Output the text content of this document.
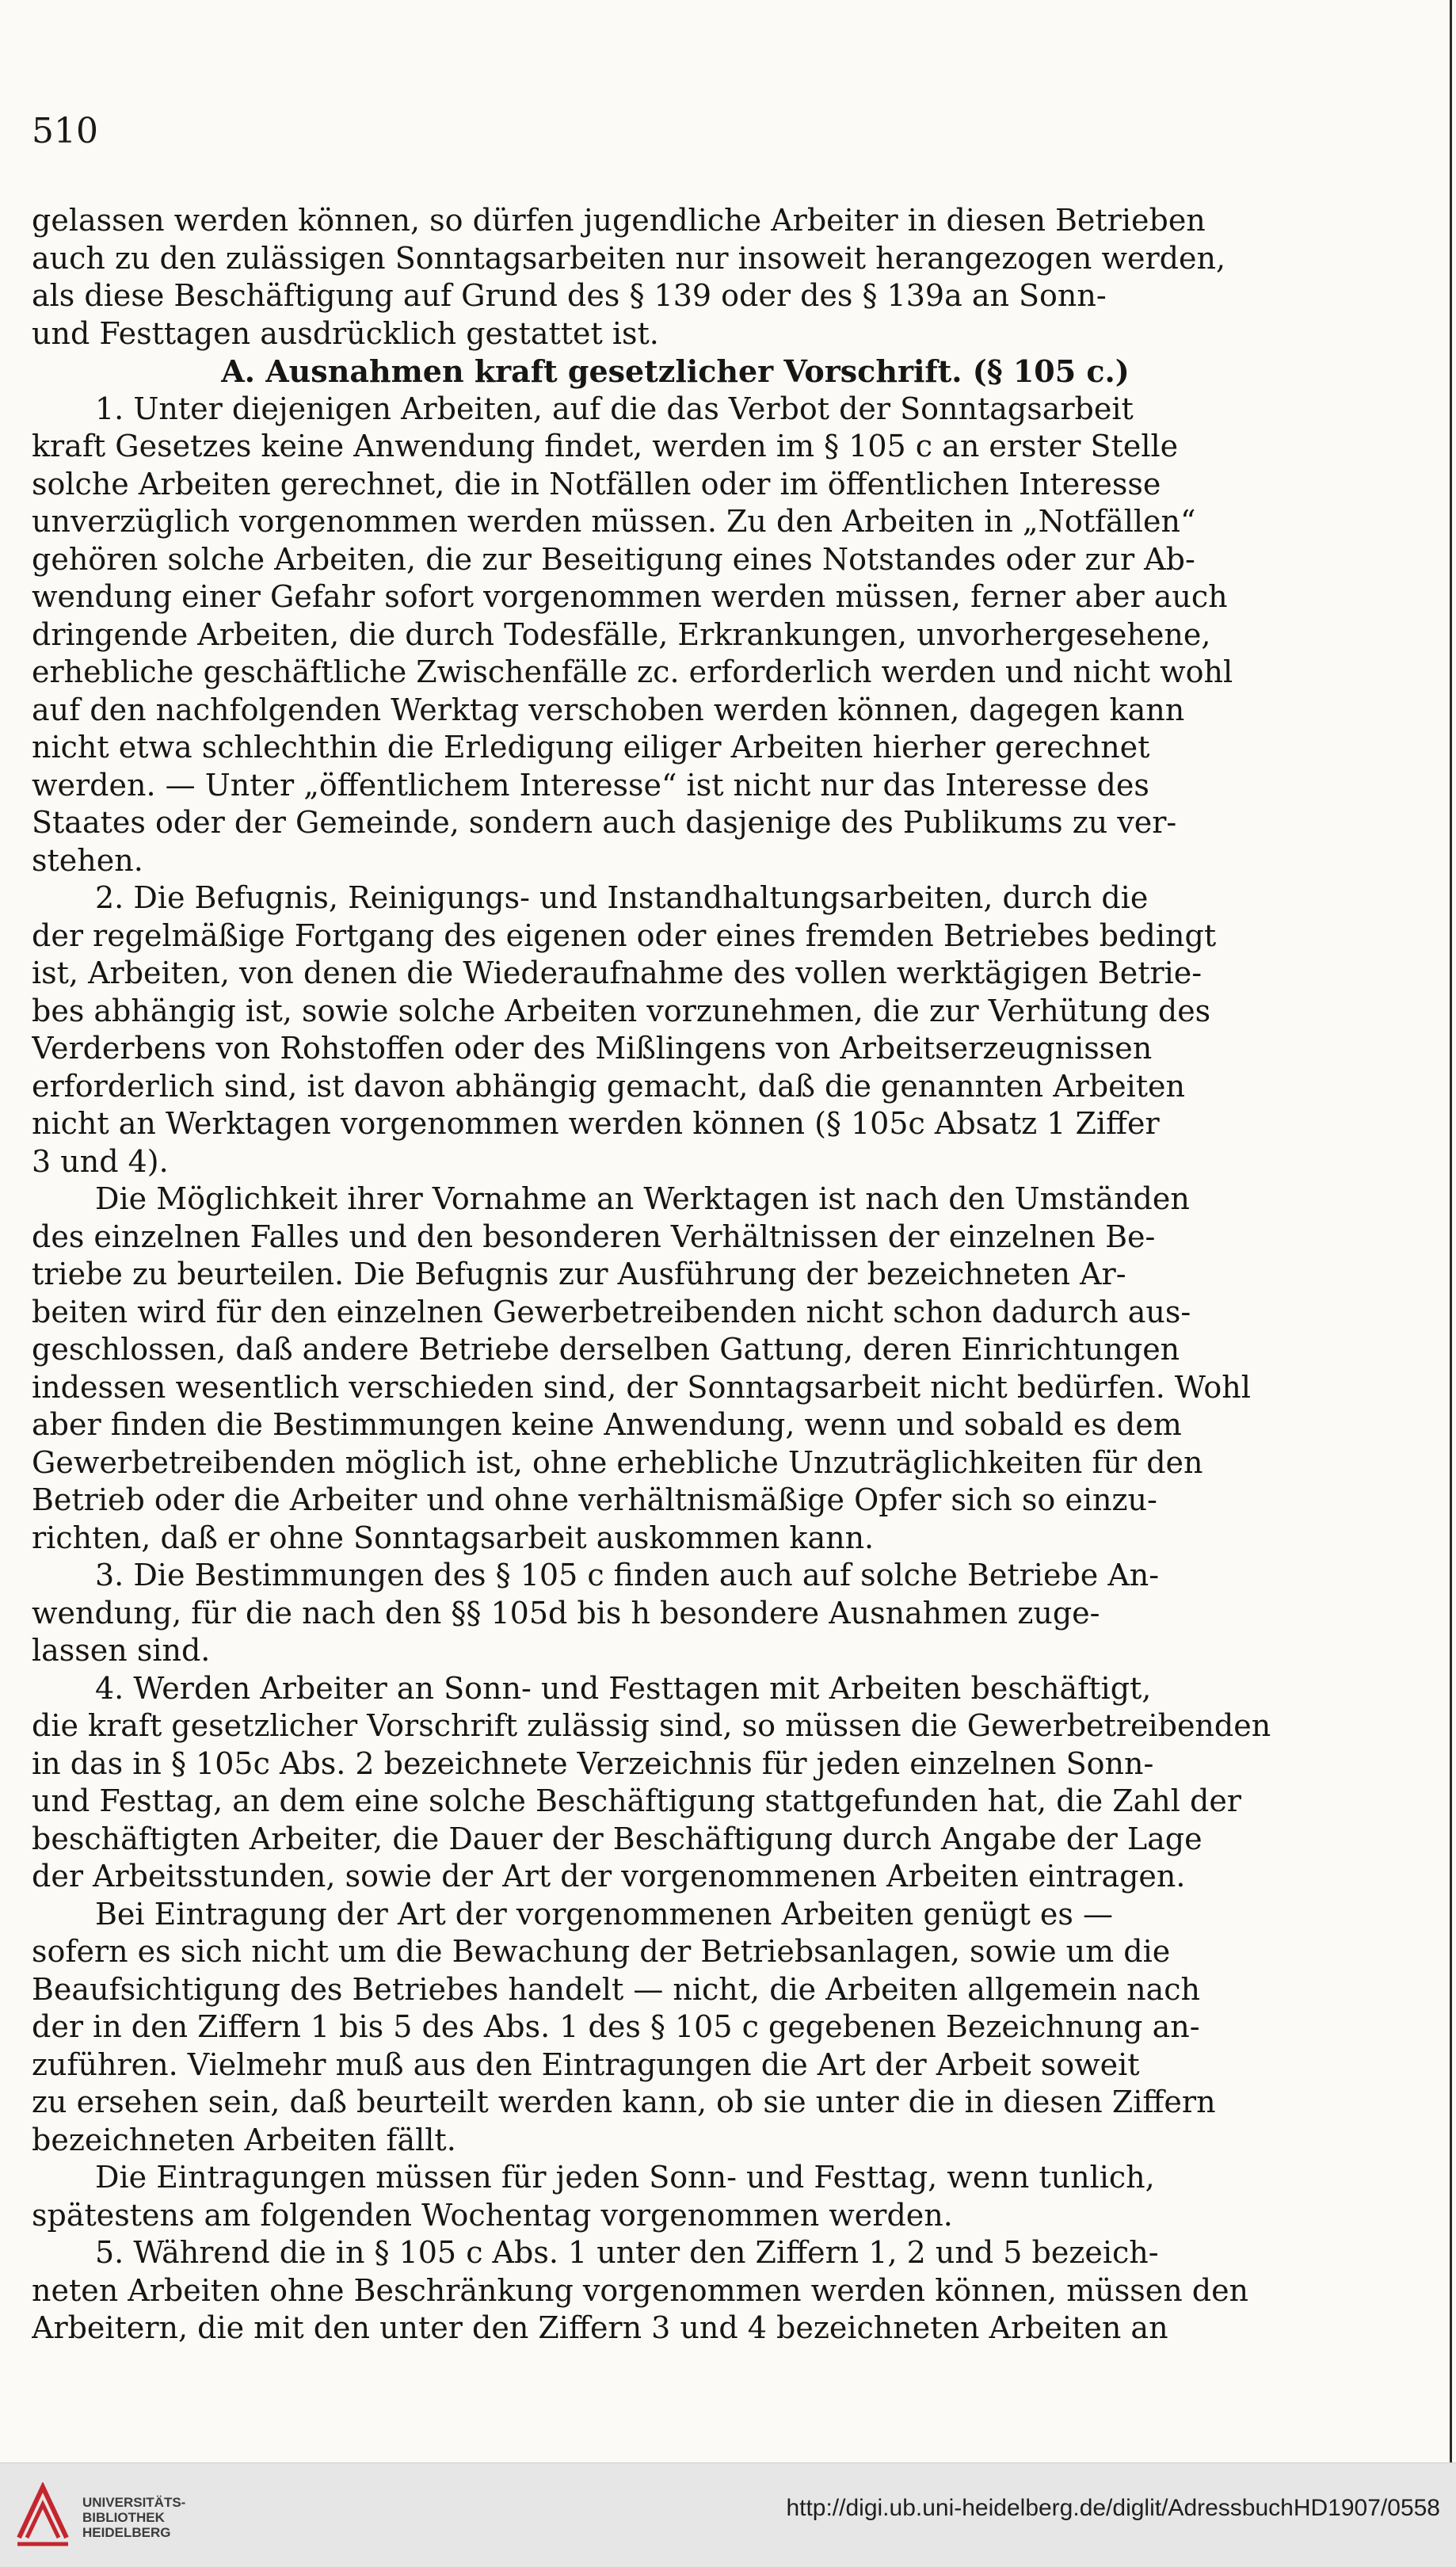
510
gelassen werden können, so dürfen jugendliche Arbeiter in diesen Betrieben
auch zu den zulässigen Sonntagsarbeiten nur insoweit herangezogen werden,
als diese Beschäftigung auf Grund des § 139 oder des § 139a an Sonn-
und Festtagen ausdrücklich gestattet ist.
A. Ausnahmen kraft gesetzlicher Vorschrift. (§ 105 c.)
1. Unter diejenigen Arbeiten, auf die das Verbot der Sonntagsarbeit
kraft Gesetzes keine Anwendung findet, werden im § 105 c an erster Stelle
solche Arbeiten gerechnet, die in Notfällen oder im öffentlichen Interesse
unverzüglich vorgenommen werden müssen. Zu den Arbeiten in „Notfällen“
gehören solche Arbeiten, die zur Beseitigung eines Notstandes oder zur Ab-
wendung einer Gefahr sofort vorgenommen werden müssen, ferner aber auch
dringende Arbeiten, die durch Todesfälle, Erkrankungen, unvorhergesehene,
erhebliche geschäftliche Zwischenfälle zc. erforderlich werden und nicht wohl
auf den nachfolgenden Werktag verschoben werden können, dagegen kann
nicht etwa schlechthin die Erledigung eiliger Arbeiten hierher gerechnet
werden. — Unter „öffentlichem Interesse“ ist nicht nur das Interesse des
Staates oder der Gemeinde, sondern auch dasjenige des Publikums zu ver-
stehen.
2. Die Befugnis, Reinigungs- und Instandhaltungsarbeiten, durch die
der regelmäßige Fortgang des eigenen oder eines fremden Betriebes bedingt
ist, Arbeiten, von denen die Wiederaufnahme des vollen werktägigen Betrie-
bes abhängig ist, sowie solche Arbeiten vorzunehmen, die zur Verhütung des
Verderbens von Rohstoffen oder des Mißlingens von Arbeitserzeugnissen
erforderlich sind, ist davon abhängig gemacht, daß die genannten Arbeiten
nicht an Werktagen vorgenommen werden können (§ 105c Absatz 1 Ziffer
3 und 4).
Die Möglichkeit ihrer Vornahme an Werktagen ist nach den Umständen
des einzelnen Falles und den besonderen Verhältnissen der einzelnen Be-
triebe zu beurteilen. Die Befugnis zur Ausführung der bezeichneten Ar-
beiten wird für den einzelnen Gewerbetreibenden nicht schon dadurch aus-
geschlossen, daß andere Betriebe derselben Gattung, deren Einrichtungen
indessen wesentlich verschieden sind, der Sonntagsarbeit nicht bedürfen. Wohl
aber finden die Bestimmungen keine Anwendung, wenn und sobald es dem
Gewerbetreibenden möglich ist, ohne erhebliche Unzuträglichkeiten für den
Betrieb oder die Arbeiter und ohne verhältnismäßige Opfer sich so einzu-
richten, daß er ohne Sonntagsarbeit auskommen kann.
3. Die Bestimmungen des § 105 c finden auch auf solche Betriebe An-
wendung, für die nach den §§ 105d bis h besondere Ausnahmen zuge-
lassen sind.
4. Werden Arbeiter an Sonn- und Festtagen mit Arbeiten beschäftigt,
die kraft gesetzlicher Vorschrift zulässig sind, so müssen die Gewerbetreibenden
in das in § 105c Abs. 2 bezeichnete Verzeichnis für jeden einzelnen Sonn-
und Festtag, an dem eine solche Beschäftigung stattgefunden hat, die Zahl der
beschäftigten Arbeiter, die Dauer der Beschäftigung durch Angabe der Lage
der Arbeitsstunden, sowie der Art der vorgenommenen Arbeiten eintragen.
Bei Eintragung der Art der vorgenommenen Arbeiten genügt es —
sofern es sich nicht um die Bewachung der Betriebsanlagen, sowie um die
Beaufsichtigung des Betriebes handelt — nicht, die Arbeiten allgemein nach
der in den Ziffern 1 bis 5 des Abs. 1 des § 105 c gegebenen Bezeichnung an-
zuführen. Vielmehr muß aus den Eintragungen die Art der Arbeit soweit
zu ersehen sein, daß beurteilt werden kann, ob sie unter die in diesen Ziffern
bezeichneten Arbeiten fällt.
Die Eintragungen müssen für jeden Sonn- und Festtag, wenn tunlich,
spätestens am folgenden Wochentag vorgenommen werden.
5. Während die in § 105 c Abs. 1 unter den Ziffern 1, 2 und 5 bezeich-
neten Arbeiten ohne Beschränkung vorgenommen werden können, müssen den
Arbeitern, die mit den unter den Ziffern 3 und 4 bezeichneten Arbeiten an
UNIVERSITÄTS-
BIBLIOTHEK
HEIDELBERG
http://digi.ub.uni-heidelberg.de/diglit/AdressbuchHD1907/0558
